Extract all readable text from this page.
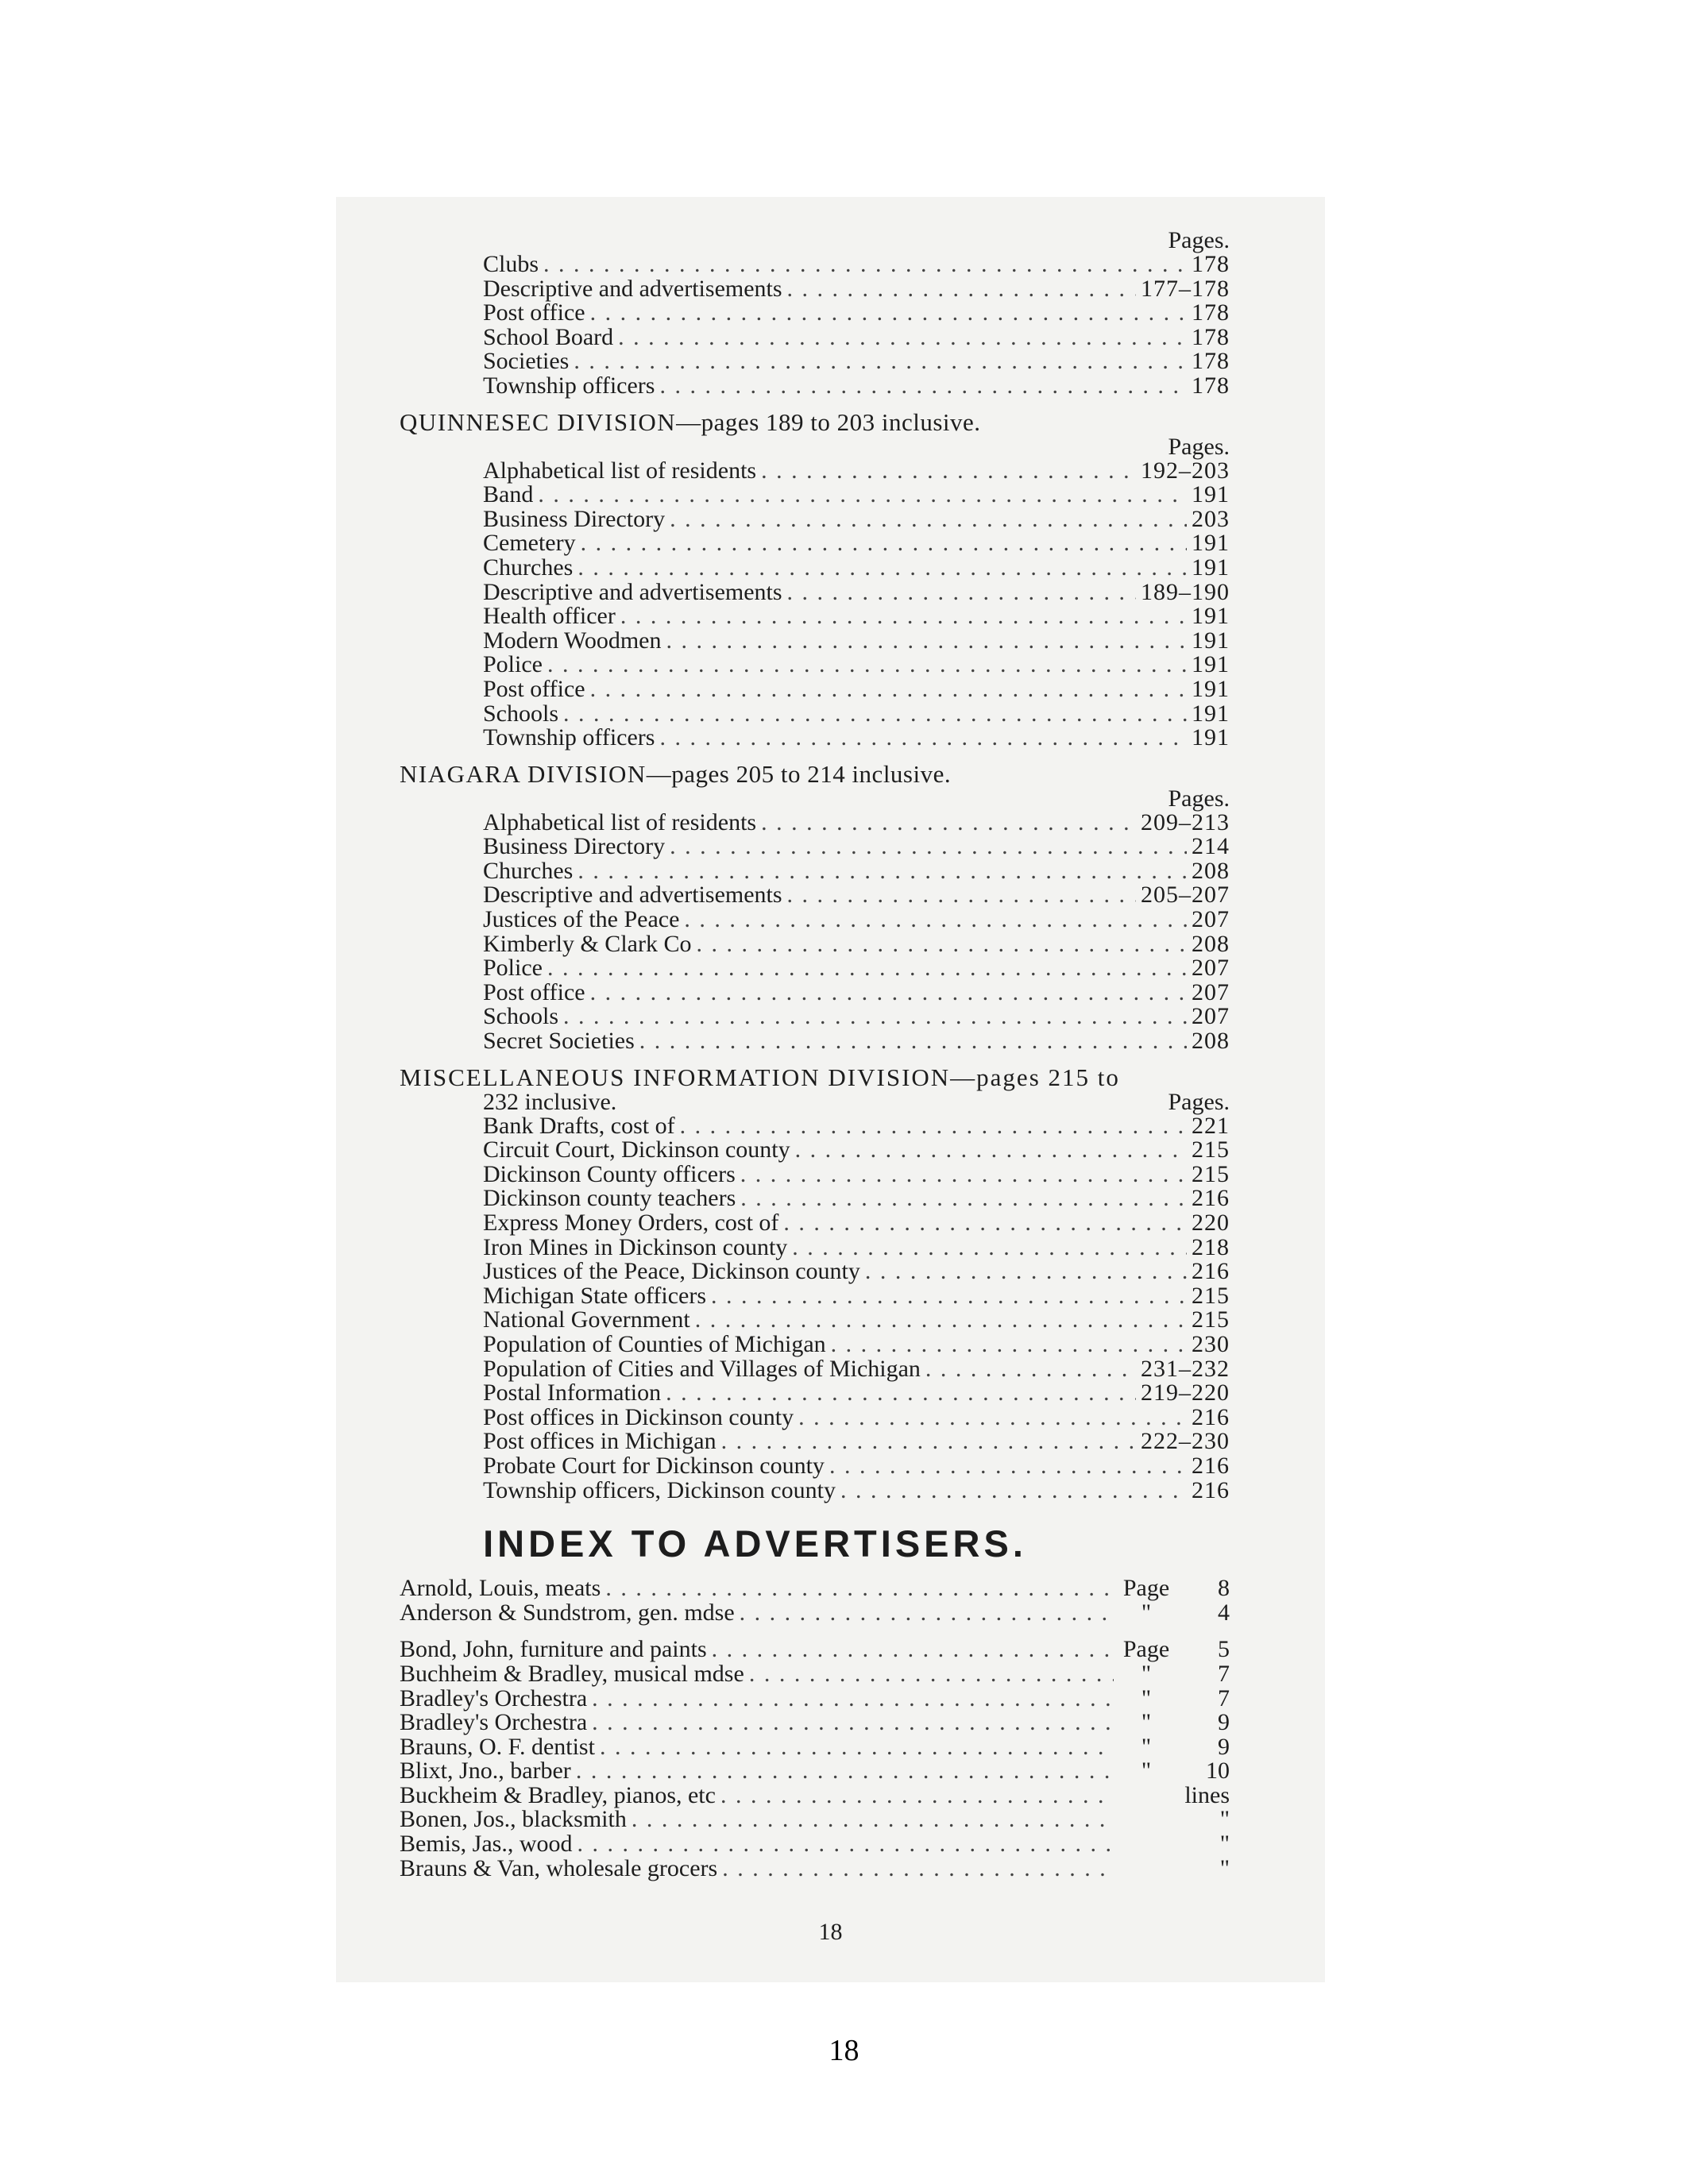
Pages.
Clubs . . .	178
Descriptive and advertisements . . .	177–178
Post office . . .	178
School Board . . .	178
Societies . . .	178
Township officers . . .	178
QUINNESEC DIVISION—pages 189 to 203 inclusive.
Pages.
Alphabetical list of residents . . .	192–203
Band . . .	191
Business Directory . . .	203
Cemetery . . .	191
Churches . . .	191
Descriptive and advertisements . . .	189–190
Health officer . . .	191
Modern Woodmen . . .	191
Police . . .	191
Post office . . .	191
Schools . . .	191
Township officers . . .	191
NIAGARA DIVISION—pages 205 to 214 inclusive.
Pages.
Alphabetical list of residents . . .	209–213
Business Directory . . .	214
Churches . . .	208
Descriptive and advertisements . . .	205–207
Justices of the Peace . . .	207
Kimberly & Clark Co . . .	208
Police . . .	207
Post office . . .	207
Schools . . .	207
Secret Societies . . .	208
MISCELLANEOUS INFORMATION DIVISION—pages 215 to
232 inclusive.	Pages.
Bank Drafts, cost of . . .	221
Circuit Court, Dickinson county . . .	215
Dickinson County officers . . .	215
Dickinson county teachers . . .	216
Express Money Orders, cost of . . .	220
Iron Mines in Dickinson county . . .	218
Justices of the Peace, Dickinson county . . .	216
Michigan State officers . . .	215
National Government . . .	215
Population of Counties of Michigan . . .	230
Population of Cities and Villages of Michigan . . .	231–232
Postal Information . . .	219–220
Post offices in Dickinson county . . .	216
Post offices in Michigan . . .	222–230
Probate Court for Dickinson county . . .	216
Township officers, Dickinson county . . .	216
INDEX TO ADVERTISERS.
Arnold, Louis, meats . . .	Page	8
Anderson & Sundstrom, gen. mdse . . .	"	4
Bond, John, furniture and paints . . .	Page	5
Buchheim & Bradley, musical mdse . . .	"	7
Bradley's Orchestra . . .	"	7
Bradley's Orchestra . . .	"	9
Brauns, O. F. dentist . . .	"	9
Blixt, Jno., barber . . .	"	10
Buckheim & Bradley, pianos, etc . . .	lines
Bonen, Jos., blacksmith . . .	"
Bemis, Jas., wood . . .	"
Brauns & Van, wholesale grocers . . .	"
18
18
